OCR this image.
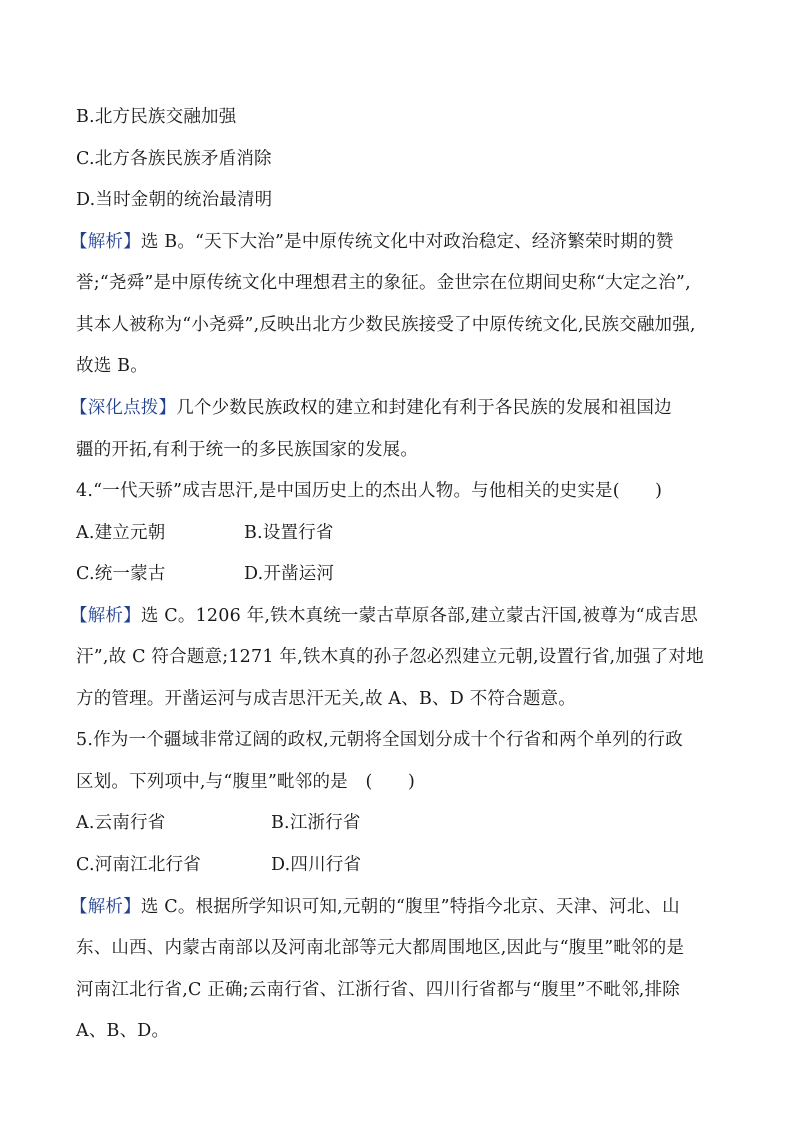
B.北方民族交融加强
C.北方各族民族矛盾消除
D.当时金朝的统治最清明
【解析】选 B。“天下大治”是中原传统文化中对政治稳定、经济繁荣时期的赞
誉;“尧舜”是中原传统文化中理想君主的象征。金世宗在位期间史称“大定之治”,
其本人被称为“小尧舜”,反映出北方少数民族接受了中原传统文化,民族交融加强,
故选 B。
【深化点拨】几个少数民族政权的建立和封建化有利于各民族的发展和祖国边
疆的开拓,有利于统一的多民族国家的发展。
4.“一代天骄”成吉思汗,是中国历史上的杰出人物。与他相关的史实是(　　)
A.建立元朝	B.设置行省
C.统一蒙古	D.开凿运河
【解析】选 C。1206 年,铁木真统一蒙古草原各部,建立蒙古汗国,被尊为“成吉思
汗”,故 C 符合题意;1271 年,铁木真的孙子忽必烈建立元朝,设置行省,加强了对地
方的管理。开凿运河与成吉思汗无关,故 A、B、D 不符合题意。
5.作为一个疆域非常辽阔的政权,元朝将全国划分成十个行省和两个单列的行政
区划。下列项中,与“腹里”毗邻的是　(　　)
A.云南行省	B.江浙行省
C.河南江北行省	D.四川行省
【解析】选 C。根据所学知识可知,元朝的“腹里”特指今北京、天津、河北、山
东、山西、内蒙古南部以及河南北部等元大都周围地区,因此与“腹里”毗邻的是
河南江北行省,C 正确;云南行省、江浙行省、四川行省都与“腹里”不毗邻,排除
A、B、D。
